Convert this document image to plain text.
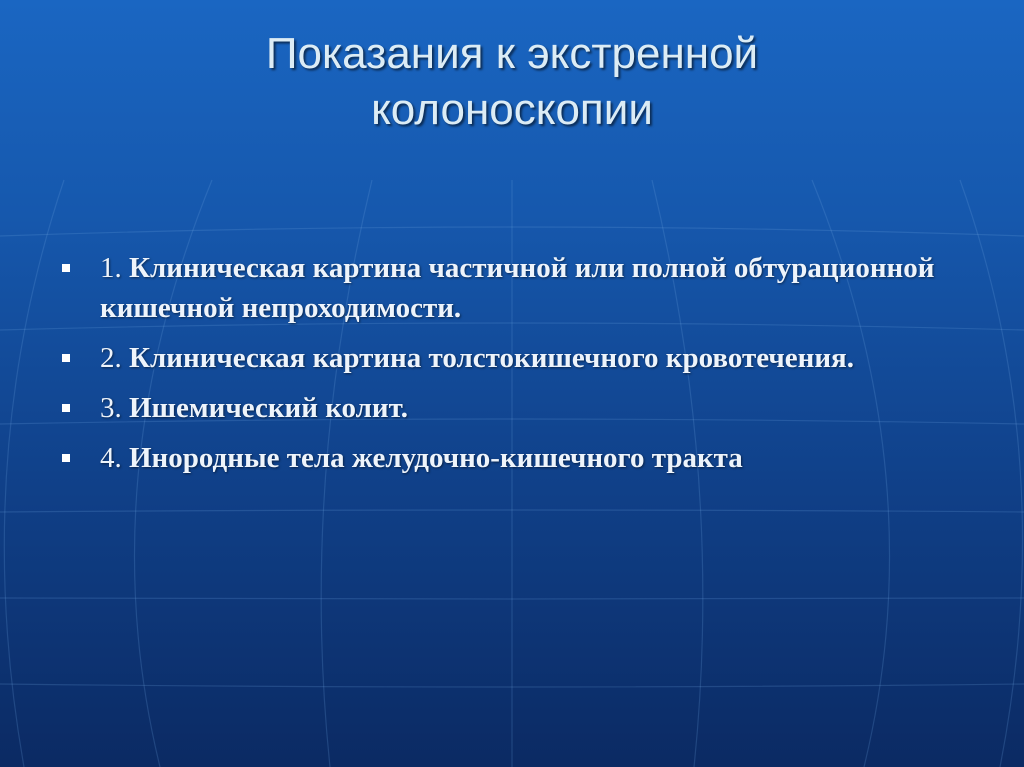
Показания к экстренной
колоноскопии
1. Клиническая картина частичной или полной обтурационной кишечной непроходимости.
2. Клиническая картина толстокишечного кровотечения.
3. Ишемический колит.
4. Инородные тела желудочно-кишечного тракта
